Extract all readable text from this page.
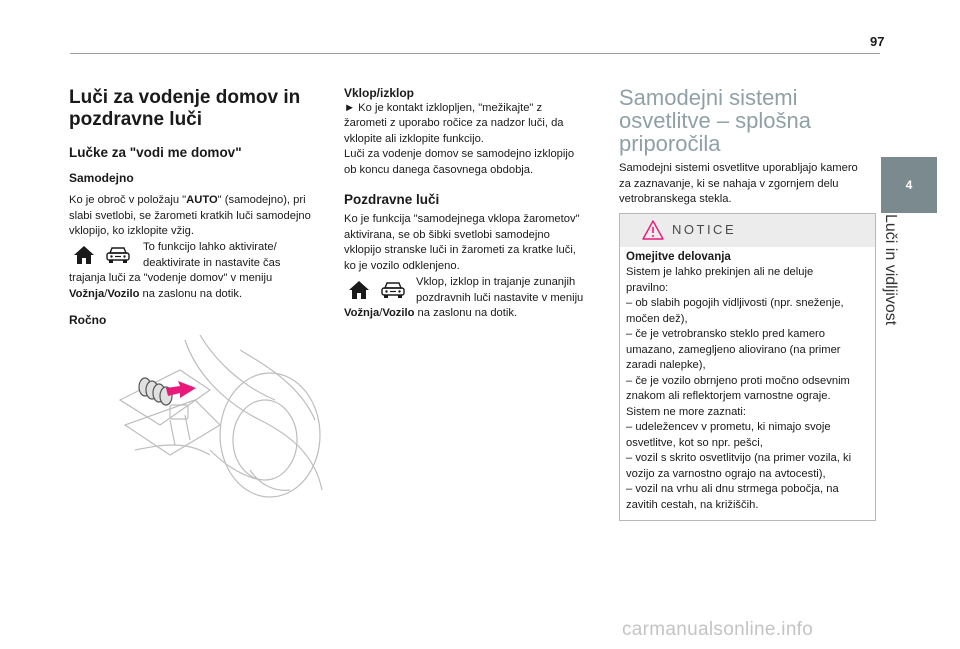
97
4
Luči in vidljivost
Luči za vodenje domov in
pozdravne luči
Lučke za "vodi me domov"
Samodejno
Ko je obroč v položaju "AUTO" (samodejno), pri
slabi svetlobi, se žarometi kratkih luči samodejno
vklopijo, ko izklopite vžig.
To funkcijo lahko aktivirate/
deaktivirate in nastavite čas
trajanja luči za "vodenje domov" v meniju
Vožnja/Vozilo na zaslonu na dotik.
Ročno
Vklop/izklop
► Ko je kontakt izklopljen, "mežikajte" z
žarometi z uporabo ročice za nadzor luči, da
vklopite ali izklopite funkcijo.
Luči za vodenje domov se samodejno izklopijo
ob koncu danega časovnega obdobja.
Pozdravne luči
Ko je funkcija "samodejnega vklopa žarometov"
aktivirana, se ob šibki svetlobi samodejno
vklopijo stranske luči in žarometi za kratke luči,
ko je vozilo odklenjeno.
Vklop, izklop in trajanje zunanjih
pozdravnih luči nastavite v meniju
Vožnja/Vozilo na zaslonu na dotik.
Samodejni sistemi
osvetlitve – splošna
priporočila
Samodejni sistemi osvetlitve uporabljajo kamero
za zaznavanje, ki se nahaja v zgornjem delu
vetrobranskega stekla.
NOTICE
Omejitve delovanja
Sistem je lahko prekinjen ali ne deluje
pravilno:
– ob slabih pogojih vidljivosti (npr. sneženje,
močen dež),
– če je vetrobransko steklo pred kamero
umazano, zamegljeno aliovirano (na primer
zaradi nalepke),
– če je vozilo obrnjeno proti močno odsevnim
znakom ali reflektorjem varnostne ograje.
Sistem ne more zaznati:
– udeležencev v prometu, ki nimajo svoje
osvetlitve, kot so npr. pešci,
– vozil s skrito osvetlitvijo (na primer vozila, ki
vozijo za varnostno ograjo na avtocesti),
– vozil na vrhu ali dnu strmega pobočja, na
zavitih cestah, na križiščih.
carmanualsonline.info
